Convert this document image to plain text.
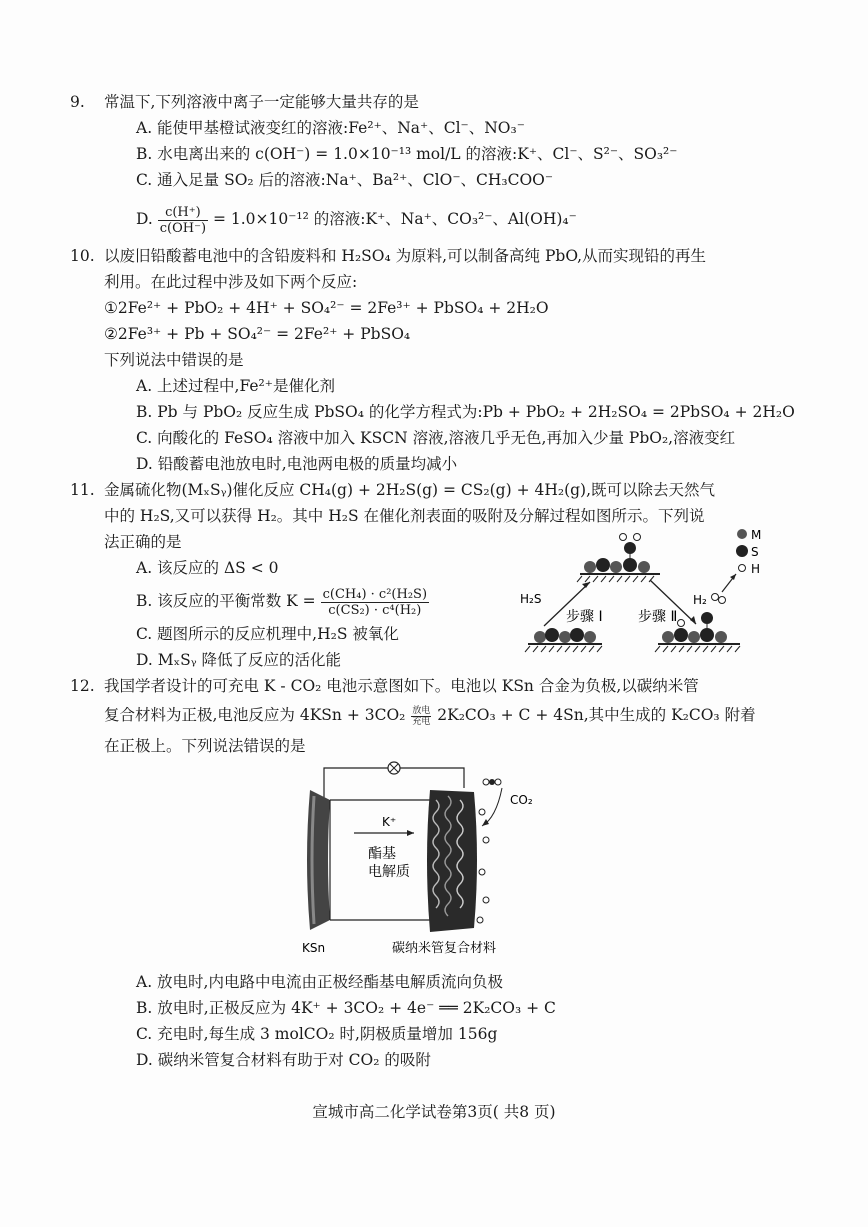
9. 常温下,下列溶液中离子一定能够大量共存的是
A. 能使甲基橙试液变红的溶液:Fe²⁺、Na⁺、Cl⁻、NO₃⁻
B. 水电离出来的 c(OH⁻) = 1.0×10⁻¹³ mol/L 的溶液:K⁺、Cl⁻、S²⁻、SO₃²⁻
C. 通入足量 SO₂ 后的溶液:Na⁺、Ba²⁺、ClO⁻、CH₃COO⁻
D. $\frac{c(H^+)}{c(OH^-)} = 1.0\times 10^{-12}$ 的溶液:K⁺、Na⁺、CO₃²⁻、Al(OH)₄⁻
10. 以废旧铅酸蓄电池中的含铅废料和 H₂SO₄ 为原料,可以制备高纯 PbO,从而实现铅的再生
利用。在此过程中涉及如下两个反应:
①2Fe²⁺ + PbO₂ + 4H⁺ + SO₄²⁻ = 2Fe³⁺ + PbSO₄ + 2H₂O
②2Fe³⁺ + Pb + SO₄²⁻ = 2Fe²⁺ + PbSO₄
下列说法中错误的是
A. 上述过程中,Fe²⁺是催化剂
B. Pb 与 PbO₂ 反应生成 PbSO₄ 的化学方程式为:Pb + PbO₂ + 2H₂SO₄ = 2PbSO₄ + 2H₂O
C. 向酸化的 FeSO₄ 溶液中加入 KSCN 溶液,溶液几乎无色,再加入少量 PbO₂,溶液变红
D. 铅酸蓄电池放电时,电池两电极的质量均减小
11. 金属硫化物(MₓSᵧ)催化反应 CH₄(g) + 2H₂S(g) = CS₂(g) + 4H₂(g),既可以除去天然气
中的 H₂S,又可以获得 H₂。其中 H₂S 在催化剂表面的吸附及分解过程如图所示。下列说
法正确的是
A. 该反应的 ΔS < 0
B. 该反应的平衡常数 $K = \frac{\text{c(CH₄) · c²(H₂S)}}{\text{c(CS₂) · c⁴(H₂)}}$
C. 题图所示的反应机理中,H₂S 被氧化
D. MₓSᵧ 降低了反应的活化能
M
S
H
H₂S	H₂
步骤 Ⅰ	步骤 Ⅱ
12. 我国学者设计的可充电 K - CO₂ 电池示意图如下。电池以 KSn 合金为负极,以碳纳米管
复合材料为正极,电池反应为 $4KSn + 3CO_2 \frac{\text{放电}}{\text{充电}} 2K_2CO_3 + C + 4Sn$,其中生成的 K₂CO₃ 附着
在正极上。下列说法错误的是
K⁺
酯基
电解质
CO₂
KSn	碳纳米管复合材料
A. 放电时,内电路中电流由正极经酯基电解质流向负极
B. 放电时,正极反应为 4K⁺ + 3CO₂ + 4e⁻ ══ 2K₂CO₃ + C
C. 充电时,每生成 3 molCO₂ 时,阴极质量增加 156g
D. 碳纳米管复合材料有助于对 CO₂ 的吸附
宣城市高二化学试卷第3页( 共8 页)
